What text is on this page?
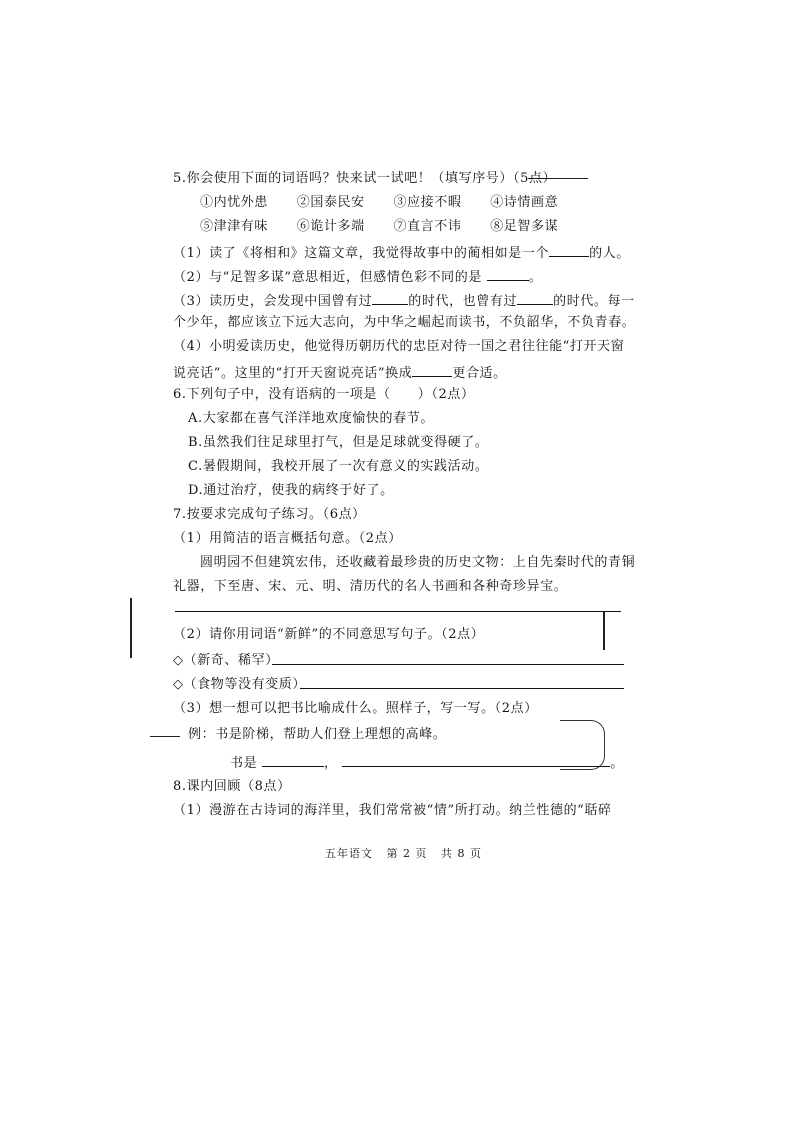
5.你会使用下面的词语吗？快来试一试吧！（填写序号）（5点）
①内忧外患 ②国泰民安 ③应接不暇 ④诗情画意
⑤津津有味 ⑥诡计多端 ⑦直言不讳 ⑧足智多谋
（1）读了《将相和》这篇文章，我觉得故事中的蔺相如是一个	的人。
（2）与“足智多谋”意思相近，但感情色彩不同的是	。
（3）读历史，会发现中国曾有过	的时代，也曾有过	的时代。每一
个少年，都应该立下远大志向，为中华之崛起而读书，不负韶华，不负青春。
（4）小明爱读历史，他觉得历朝历代的忠臣对待一国之君往往能“打开天窗
说亮话”。这里的“打开天窗说亮话”换成	更合适。
6.下列句子中，没有语病的一项是（　　）（2点）
A.大家都在喜气洋洋地欢度愉快的春节。
B.虽然我们往足球里打气，但是足球就变得硬了。
C.暑假期间，我校开展了一次有意义的实践活动。
D.通过治疗，使我的病终于好了。
7.按要求完成句子练习。（6点）
（1）用简洁的语言概括句意。（2点）
圆明园不但建筑宏伟，还收藏着最珍贵的历史文物：上自先秦时代的青铜
礼器，下至唐、宋、元、明、清历代的名人书画和各种奇珍异宝。
（2）请你用词语“新鲜”的不同意思写句子。（2点）
◇（新奇、稀罕）
◇（食物等没有变质）
（3）想一想可以把书比喻成什么。照样子，写一写。（2点）
例：书是阶梯，帮助人们登上理想的高峰。
书是	，	。
8.课内回顾（8点）
（1）漫游在古诗词的海洋里，我们常常被“情”所打动。纳兰性德的“聒碎
五年语文 第 2 页 共 8 页
